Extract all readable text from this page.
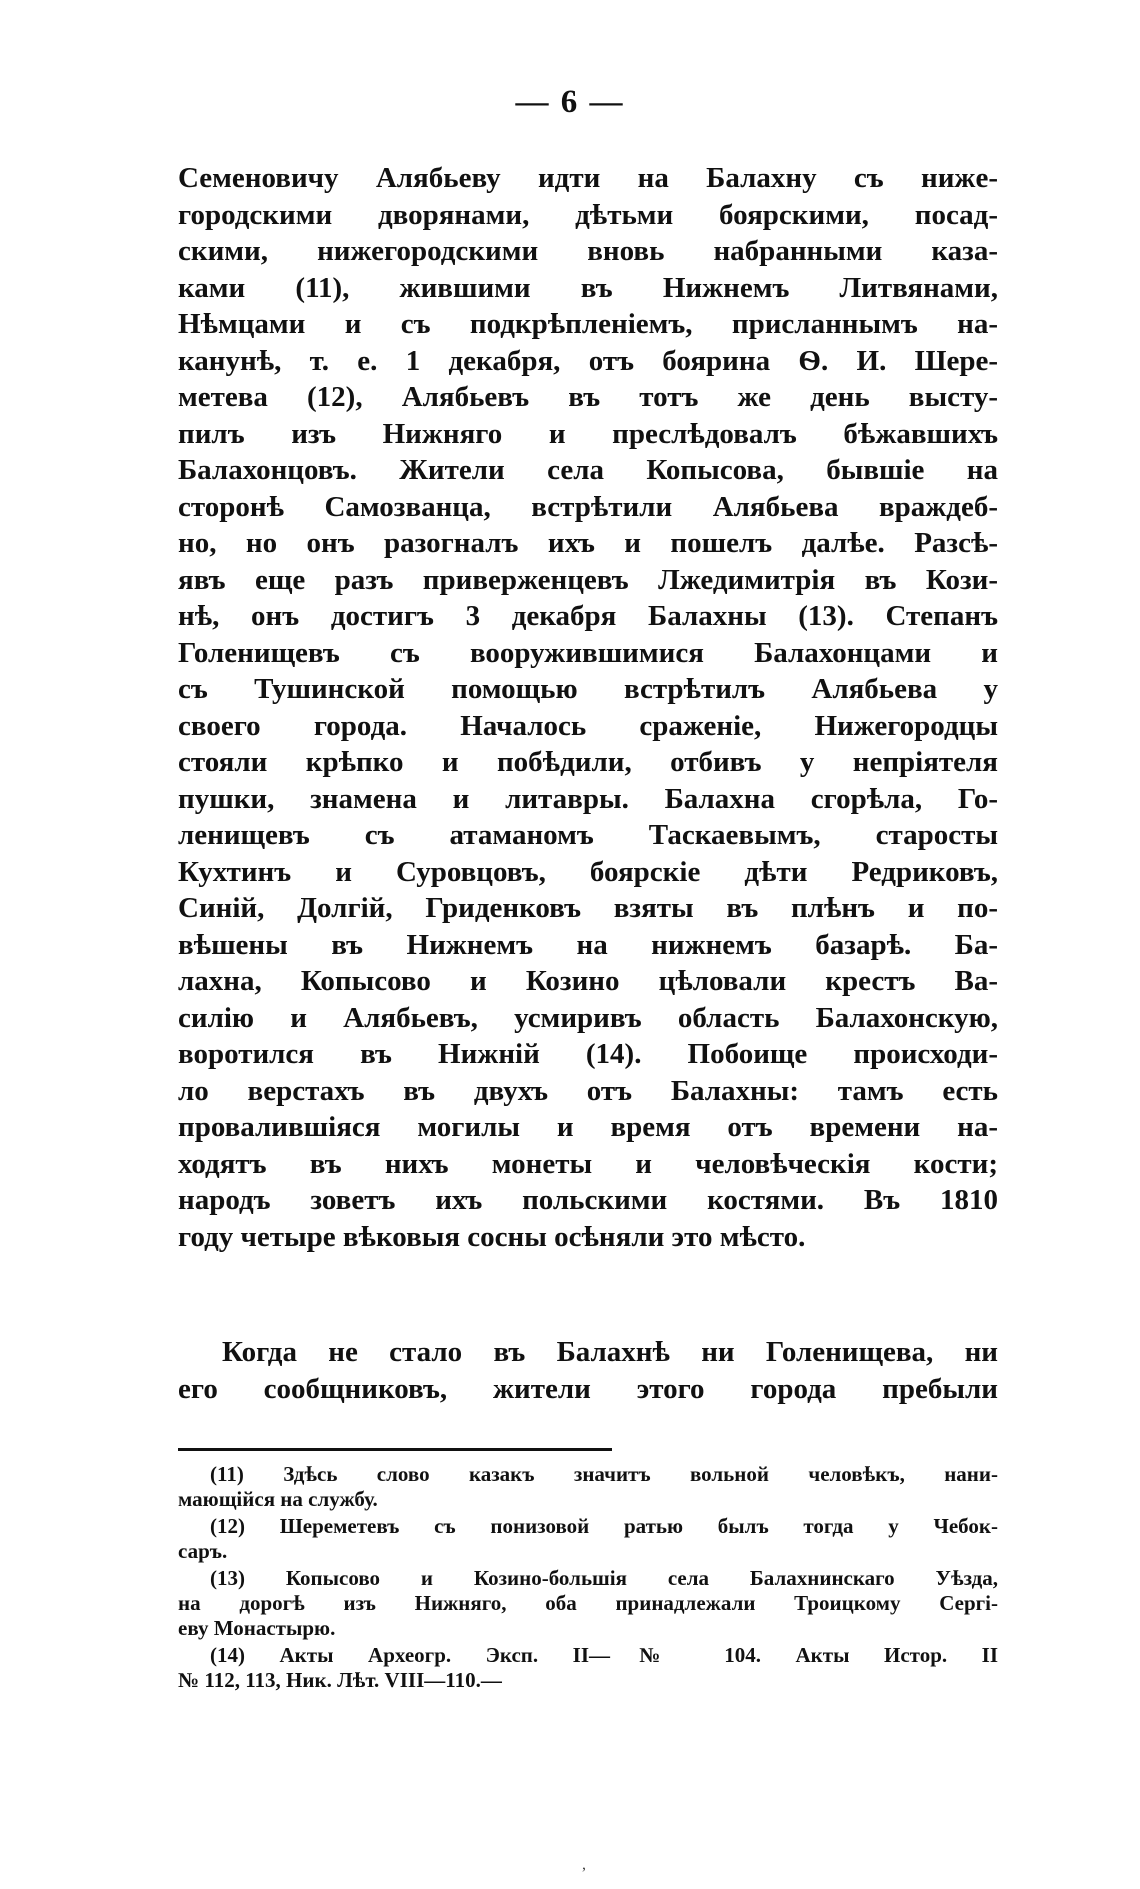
— 6 —
Семеновичу Алябьеву идти на Балахну съ нижe-
городскими дворянами, дѣтьми боярскими, посад-
скими, нижегородскими вновь набранными каза-
ками (11), жившими въ Нижнемъ Литвянами,
Нѣмцами и съ подкрѣпленіемъ, присланнымъ на-
канунѣ, т. е. 1 декабря, отъ боярина Ѳ. И. Шере-
метева (12), Алябьевъ въ тотъ же день высту-
пилъ изъ Нижняго и преслѣдовалъ бѣжавшихъ
Балахонцовъ. Жители села Копысова, бывшіе на
сторонѣ Самозванца, встрѣтили Алябьева враждеб-
но, но онъ разогналъ ихъ и пошелъ далѣе. Разсѣ-
явъ еще разъ приверженцевъ Лжедимитрія въ Кози-
нѣ, онъ достигъ 3 декабря Балахны (13). Степанъ
Голенищевъ съ вооружившимися Балахонцами и
съ Тушинской помощью встрѣтилъ Алябьева у
своего города. Началось сраженіе, Нижегородцы
стояли крѣпко и побѣдили, отбивъ у непріятеля
пушки, знамена и литавры. Балахна сгорѣла, Го-
ленищевъ съ атаманомъ Таскаевымъ, старосты
Кухтинъ и Суровцовъ, боярскіе дѣти Редриковъ,
Синій, Долгій, Гриденковъ взяты въ плѣнъ и по-
вѣшены въ Нижнемъ на нижнемъ базарѣ. Ба-
лахна, Копысово и Козино цѣловали крестъ Ва-
силію и Алябьевъ, усмиривъ область Балахонскую,
воротился въ Нижній (14). Побоище происходи-
ло верстахъ въ двухъ отъ Балахны: тамъ есть
провалившіяся могилы и время отъ времени на-
ходятъ въ нихъ монеты и человѣческія кости;
народъ зоветъ ихъ польскими костями. Въ 1810
году четыре вѣковыя сосны осѣняли это мѣсто.
Когда не стало въ Балахнѣ ни Голенищева, ни
его сообщниковъ, жители этого города пребыли
(11) Здѣсь слово казакъ значитъ вольной человѣкъ, нани-
мающійся на службу.
(12) Шереметевъ съ понизовой ратью былъ тогда у Чебок-
саръ.
(13) Копысово и Козино-большія села Балахнинскаго Уѣзда,
на дорогѣ изъ Нижняго, оба принадлежали Троицкому Сергі-
еву Монастырю.
(14) Акты Археогр. Эксп. II—№ 104. Акты Истор. II
№ 112, 113, Ник. Лѣт. VIII—110.—
,
